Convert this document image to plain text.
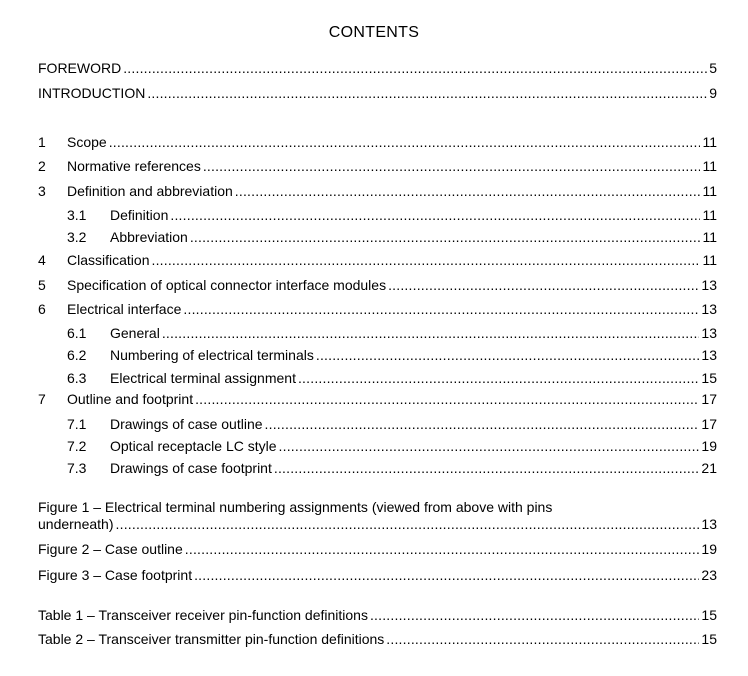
CONTENTS
FOREWORD .....	5
INTRODUCTION .....	9
1	Scope .....	11
2	Normative references .....	11
3	Definition and abbreviation .....	11
3.1	Definition .....	11
3.2	Abbreviation .....	11
4	Classification .....	11
5	Specification of optical connector interface modules .....	13
6	Electrical interface .....	13
6.1	General .....	13
6.2	Numbering of electrical terminals .....	13
6.3	Electrical terminal assignment .....	15
7	Outline and footprint .....	17
7.1	Drawings of case outline .....	17
7.2	Optical receptacle LC style .....	19
7.3	Drawings of case footprint .....	21
Figure 1 – Electrical terminal numbering assignments (viewed from above with pins
underneath) .....	13
Figure 2 – Case outline .....	19
Figure 3 – Case footprint .....	23
Table 1 – Transceiver receiver pin-function definitions .....	15
Table 2 – Transceiver transmitter pin-function definitions .....	15
